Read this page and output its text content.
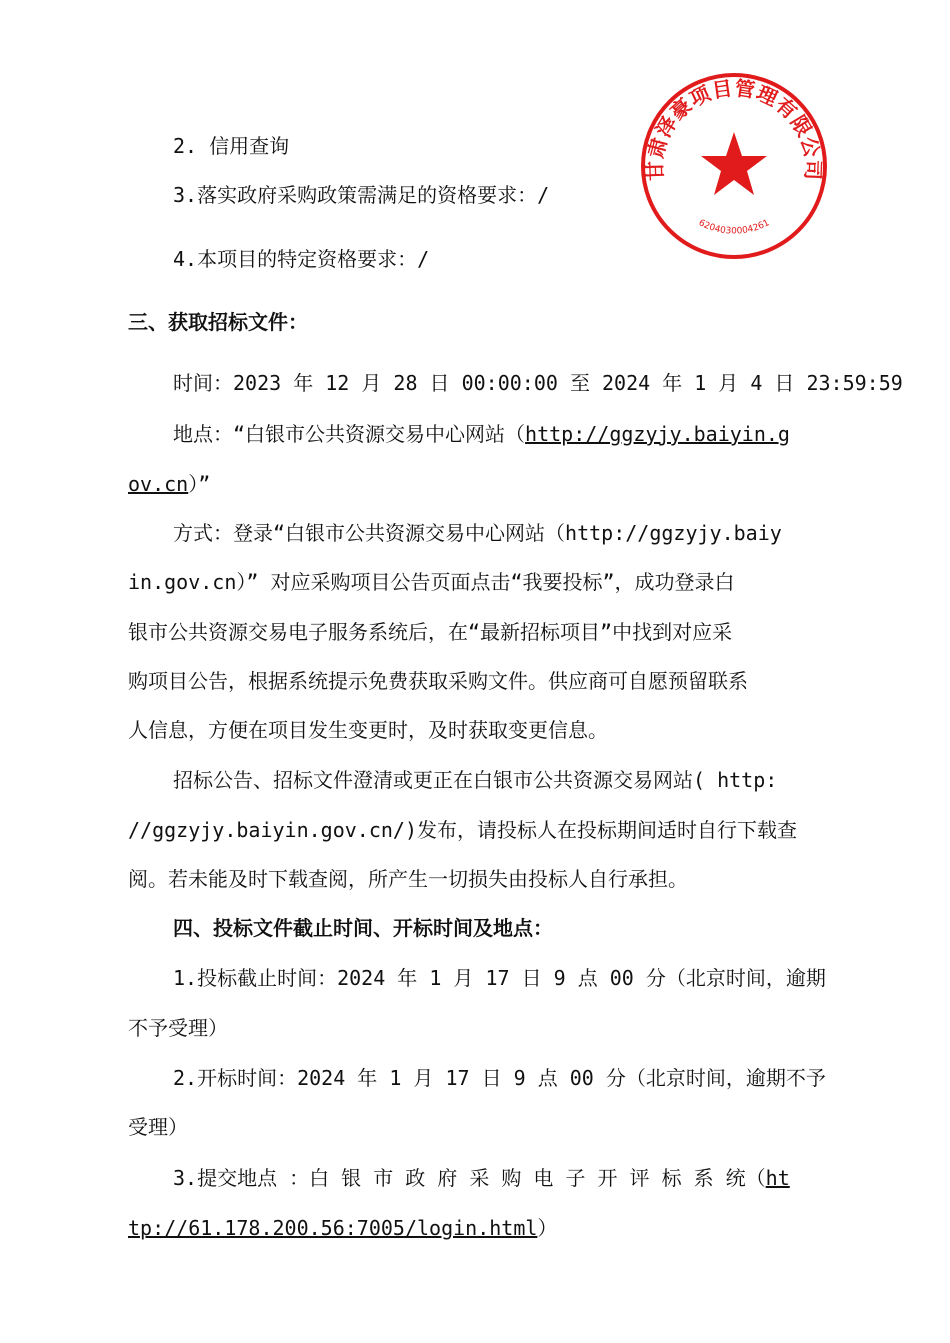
甘肃泽豪项目管理有限公司
6204030004261
2. 信用查询
3.落实政府采购政策需满足的资格要求：/
4.本项目的特定资格要求：/
三、获取招标文件：
时间：2023 年 12 月 28 日 00:00:00 至 2024 年 1 月 4 日 23:59:59
地点：“白银市公共资源交易中心网站（http://ggzyjy.baiyin.g
ov.cn）”
方式：登录“白银市公共资源交易中心网站（http://ggzyjy.baiy
in.gov.cn）” 对应采购项目公告页面点击“我要投标”，成功登录白
银市公共资源交易电子服务系统后，在“最新招标项目”中找到对应采
购项目公告，根据系统提示免费获取采购文件。供应商可自愿预留联系
人信息，方便在项目发生变更时，及时获取变更信息。
招标公告、招标文件澄清或更正在白银市公共资源交易网站( http:
//ggzyjy.baiyin.gov.cn/)发布，请投标人在投标期间适时自行下载查
阅。若未能及时下载查阅，所产生一切损失由投标人自行承担。
四、投标文件截止时间、开标时间及地点：
1.投标截止时间：2024 年 1 月 17 日 9 点 00 分（北京时间，逾期
不予受理）
2.开标时间：2024 年 1 月 17 日 9 点 00 分（北京时间，逾期不予
受理）
3.提交地点 ：白 银 市 政 府 采 购 电 子 开 评 标 系 统（ht
tp://61.178.200.56:7005/login.html）
